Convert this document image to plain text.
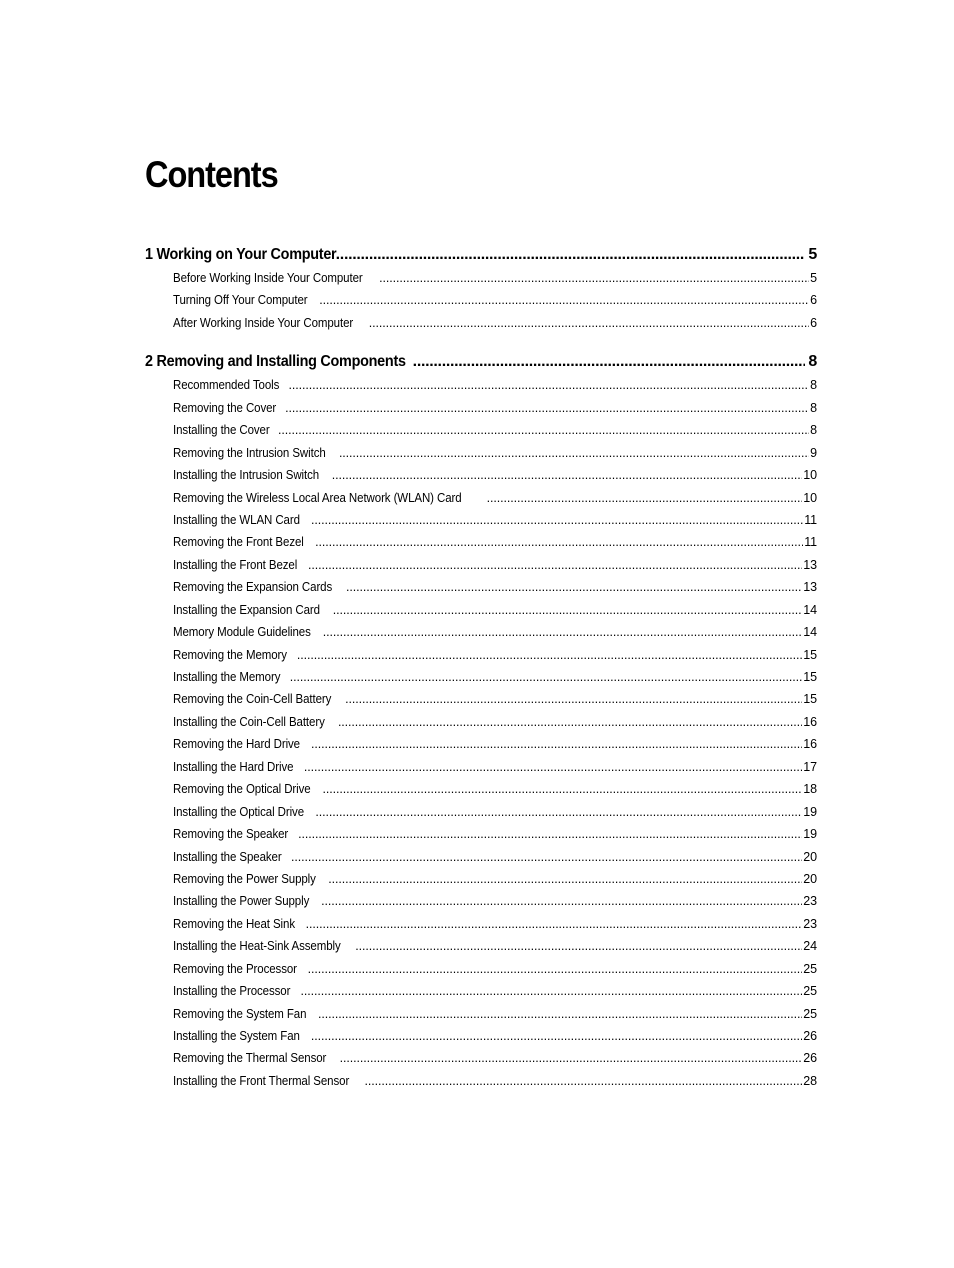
Contents
1 Working on Your Computer .....	5
Before Working Inside Your Computer .....	5
Turning Off Your Computer .....	6
After Working Inside Your Computer .....	6
2 Removing and Installing Components .....	8
Recommended Tools .....	8
Removing the Cover .....	8
Installing the Cover .....	8
Removing the Intrusion Switch .....	9
Installing the Intrusion Switch .....	10
Removing the Wireless Local Area Network (WLAN) Card .....	10
Installing the WLAN Card .....	11
Removing the Front Bezel .....	11
Installing the Front Bezel .....	13
Removing the Expansion Cards .....	13
Installing the Expansion Card .....	14
Memory Module Guidelines .....	14
Removing the Memory .....	15
Installing the Memory .....	15
Removing the Coin-Cell Battery .....	15
Installing the Coin-Cell Battery .....	16
Removing the Hard Drive .....	16
Installing the Hard Drive .....	17
Removing the Optical Drive .....	18
Installing the Optical Drive .....	19
Removing the Speaker .....	19
Installing the Speaker .....	20
Removing the Power Supply .....	20
Installing the Power Supply .....	23
Removing the Heat Sink .....	23
Installing the Heat-Sink Assembly .....	24
Removing the Processor .....	25
Installing the Processor .....	25
Removing the System Fan .....	25
Installing the System Fan .....	26
Removing the Thermal Sensor .....	26
Installing the Front Thermal Sensor .....	28
